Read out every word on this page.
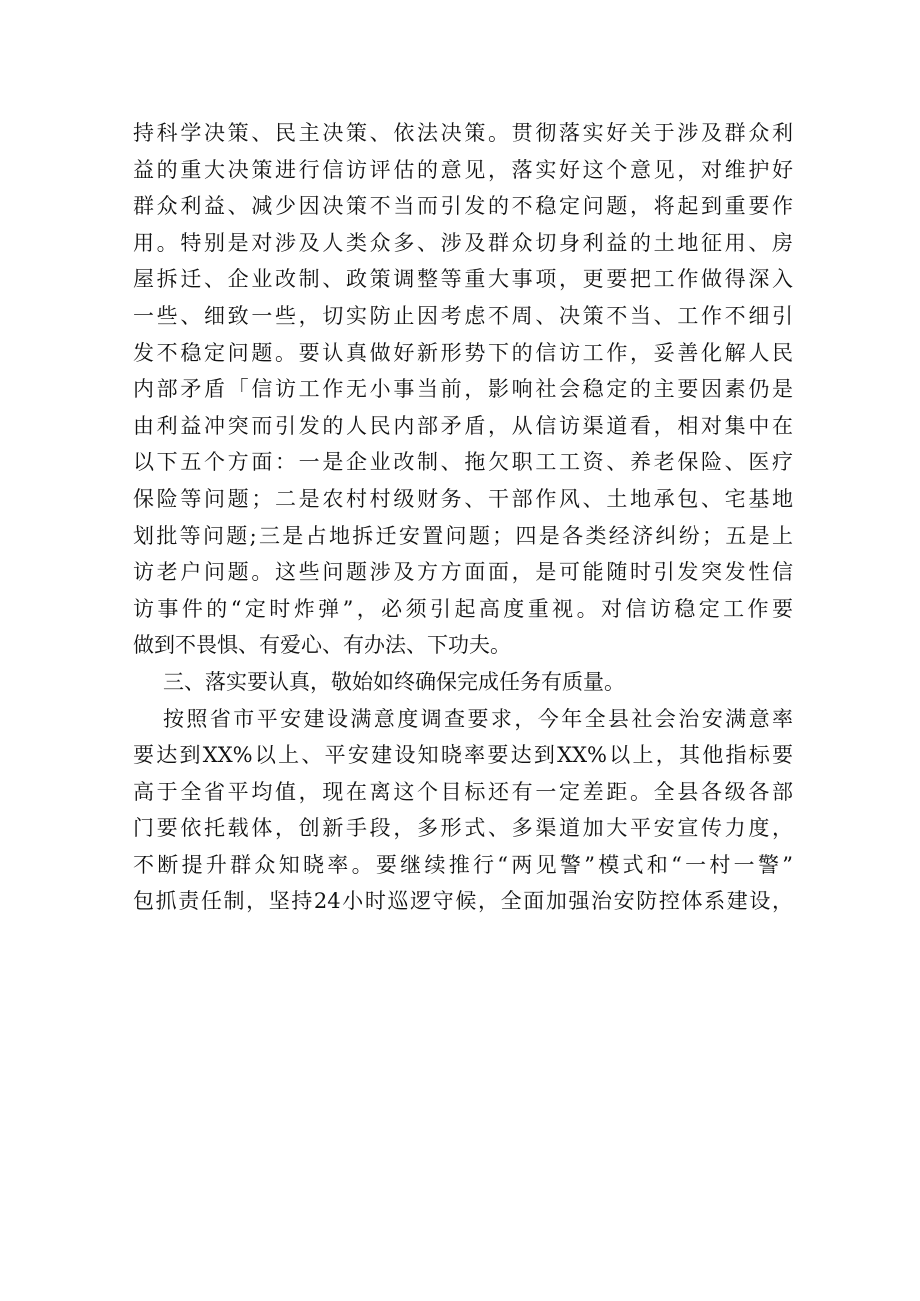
持科学决策、民主决策、依法决策。贯彻落实好关于涉及群众利
益的重大决策进行信访评估的意见，落实好这个意见，对维护好
群众利益、减少因决策不当而引发的不稳定问题，将起到重要作
用。特别是对涉及人类众多、涉及群众切身利益的土地征用、房
屋拆迁、企业改制、政策调整等重大事项，更要把工作做得深入
一些、细致一些，切实防止因考虑不周、决策不当、工作不细引
发不稳定问题。要认真做好新形势下的信访工作，妥善化解人民
内部矛盾「信访工作无小事当前，影响社会稳定的主要因素仍是
由利益冲突而引发的人民内部矛盾，从信访渠道看，相对集中在
以下五个方面：一是企业改制、拖欠职工工资、养老保险、医疗
保险等问题；二是农村村级财务、干部作风、土地承包、宅基地
划批等问题;三是占地拆迁安置问题；四是各类经济纠纷；五是上
访老户问题。这些问题涉及方方面面，是可能随时引发突发性信
访事件的“定时炸弹”，必须引起高度重视。对信访稳定工作要
做到不畏惧、有爱心、有办法、下功夫。
三、落实要认真，敬始如终确保完成任务有质量。
按照省市平安建设满意度调查要求，今年全县社会治安满意率
要达到XX%以上、平安建设知晓率要达到XX%以上，其他指标要
高于全省平均值，现在离这个目标还有一定差距。全县各级各部
门要依托载体，创新手段，多形式、多渠道加大平安宣传力度，
不断提升群众知晓率。要继续推行“两见警”模式和“一村一警”
包抓责任制，坚持24小时巡逻守候，全面加强治安防控体系建设，
